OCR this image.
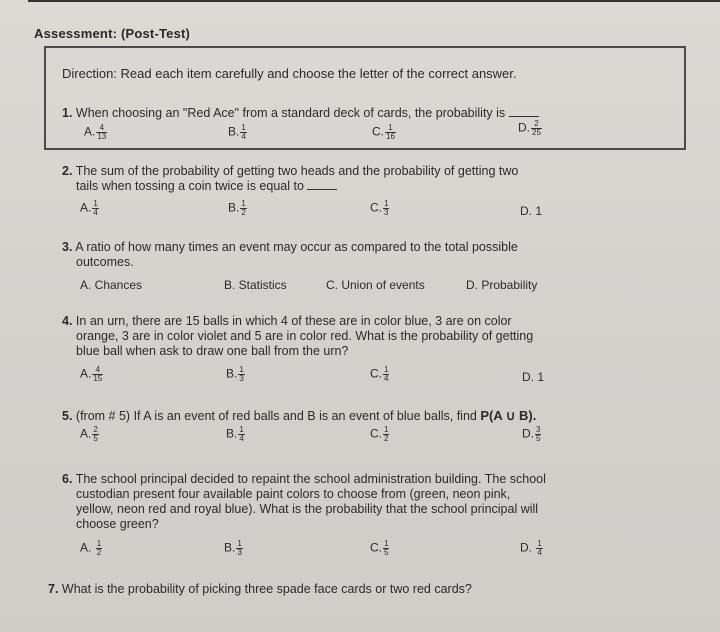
Assessment: (Post-Test)
Direction: Read each item carefully and choose the letter of the correct answer.
1. When choosing an "Red Ace" from a standard deck of cards, the probability is
A. $\frac{4}{13}$	B. $\frac{1}{4}$	C. $\frac{1}{16}$	D. $\frac{2}{25}$
2. The sum of the probability of getting two heads and the probability of getting two
tails when tossing a coin twice is equal to
A. $\frac{1}{4}$	B. $\frac{1}{2}$	C. $\frac{1}{3}$	D. 1
3. A ratio of how many times an event may occur as compared to the total possible
outcomes.
A. Chances	B. Statistics	C. Union of events	D. Probability
4. In an urn, there are 15 balls in which 4 of these are in color blue, 3 are on color
orange, 3 are in color violet and 5 are in color red. What is the probability of getting
blue ball when ask to draw one ball from the urn?
A. $\frac{4}{15}$	B. $\frac{1}{3}$	C. $\frac{1}{4}$	D. 1
5. (from # 5) If A is an event of red balls and B is an event of blue balls, find P(A ∪ B).
A. $\frac{2}{5}$	B. $\frac{1}{4}$	C. $\frac{1}{2}$	D. $\frac{3}{5}$
6. The school principal decided to repaint the school administration building. The school
custodian present four available paint colors to choose from (green, neon pink,
yellow, neon red and royal blue). What is the probability that the school principal will
choose green?
A. $\frac{1}{2}$	B. $\frac{1}{3}$	C. $\frac{1}{5}$	D. $\frac{1}{4}$
7. What is the probability of picking three spade face cards or two red cards?
